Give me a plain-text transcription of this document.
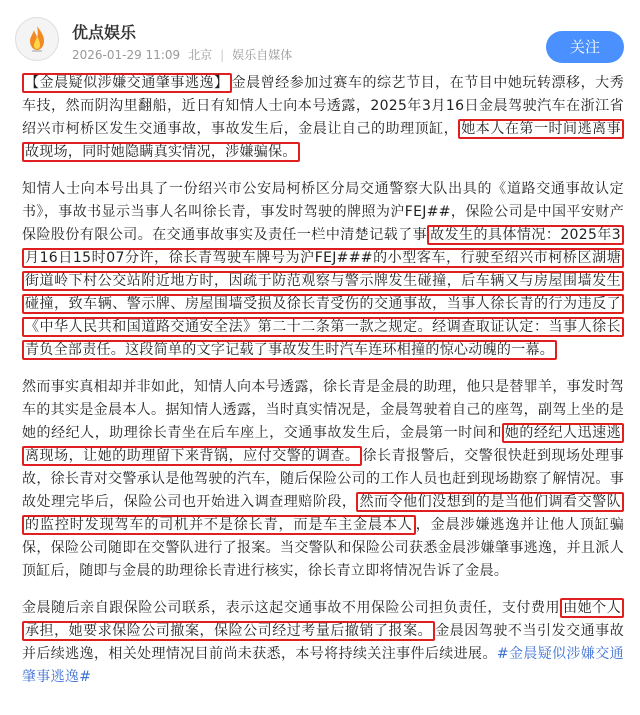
优点娱乐
2026-01-29 11:09 北京 | 娱乐自媒体	关注

【金晨疑似涉嫌交通肇事逃逸】 金晨曾经参加过赛车的综艺节目，在节目中她玩转漂移，大秀车技，然而阴沟里翻船，近日有知情人士向本号透露，2025年3月16日金晨驾驶汽车在浙江省绍兴市柯桥区发生交通事故，事故发生后，金晨让自己的助理顶缸， 她本人在第一时间逃离事故现场，同时她隐瞒真实情况，涉嫌骗保。

知情人士向本号出具了一份绍兴市公安局柯桥区分局交通警察大队出具的《道路交通事故认定书》，事故书显示当事人名叫徐长青，事发时驾驶的牌照为沪FEJ##，保险公司是中国平安财产保险股份有限公司。在交通事故事实及责任一栏中清楚记载了事 故发生的具体情况：2025年3月16日15时07分许，徐长青驾驶车牌号为沪FEJ###的小型客车，行驶至绍兴市柯桥区湖塘街道岭下村公交站附近地方时，因疏于防范观察与警示牌发生碰撞，后车辆又与房屋围墙发生碰撞，致车辆、警示牌、房屋围墙受损及徐长青受伤的交通事故，当事人徐长青的行为违反了《中华人民共和国道路交通安全法》第二十二条第一款之规定。经调查取证认定：当事人徐长青负全部责任。这段简单的文字记载了事故发生时汽车连环相撞的惊心动魄的一幕。

然而事实真相却并非如此，知情人向本号透露，徐长青是金晨的助理，他只是替罪羊，事发时驾车的其实是金晨本人。据知情人透露，当时真实情况是，金晨驾驶着自己的座驾，副驾上坐的是她的经纪人，助理徐长青坐在后车座上，交通事故发生后，金晨第一时间和 她的经纪人迅速逃离现场，让她的助理留下来背锅，应付交警的调查。 徐长青报警后，交警很快赶到现场处理事故，徐长青对交警承认是他驾驶的汽车，随后保险公司的工作人员也赶到现场勘察了解情况。事故处理完毕后，保险公司也开始进入调查理赔阶段， 然而令他们没想到的是当他们调看交警队的监控时发现驾车的司机并不是徐长青，而是车主金晨本人 ，金晨涉嫌逃逸并让他人顶缸骗保，保险公司随即在交警队进行了报案。当交警队和保险公司获悉金晨涉嫌肇事逃逸，并且派人顶缸后，随即与金晨的助理徐长青进行核实，徐长青立即将情况告诉了金晨。

金晨随后亲自跟保险公司联系，表示这起交通事故不用保险公司担负责任，支付费用 由她个人承担，她要求保险公司撤案，保险公司经过考量后撤销了报案。 金晨因驾驶不当引发交通事故并后续逃逸，相关处理情况目前尚未获悉，本号将持续关注事件后续进展。#金晨疑似涉嫌交通肇事逃逸#
